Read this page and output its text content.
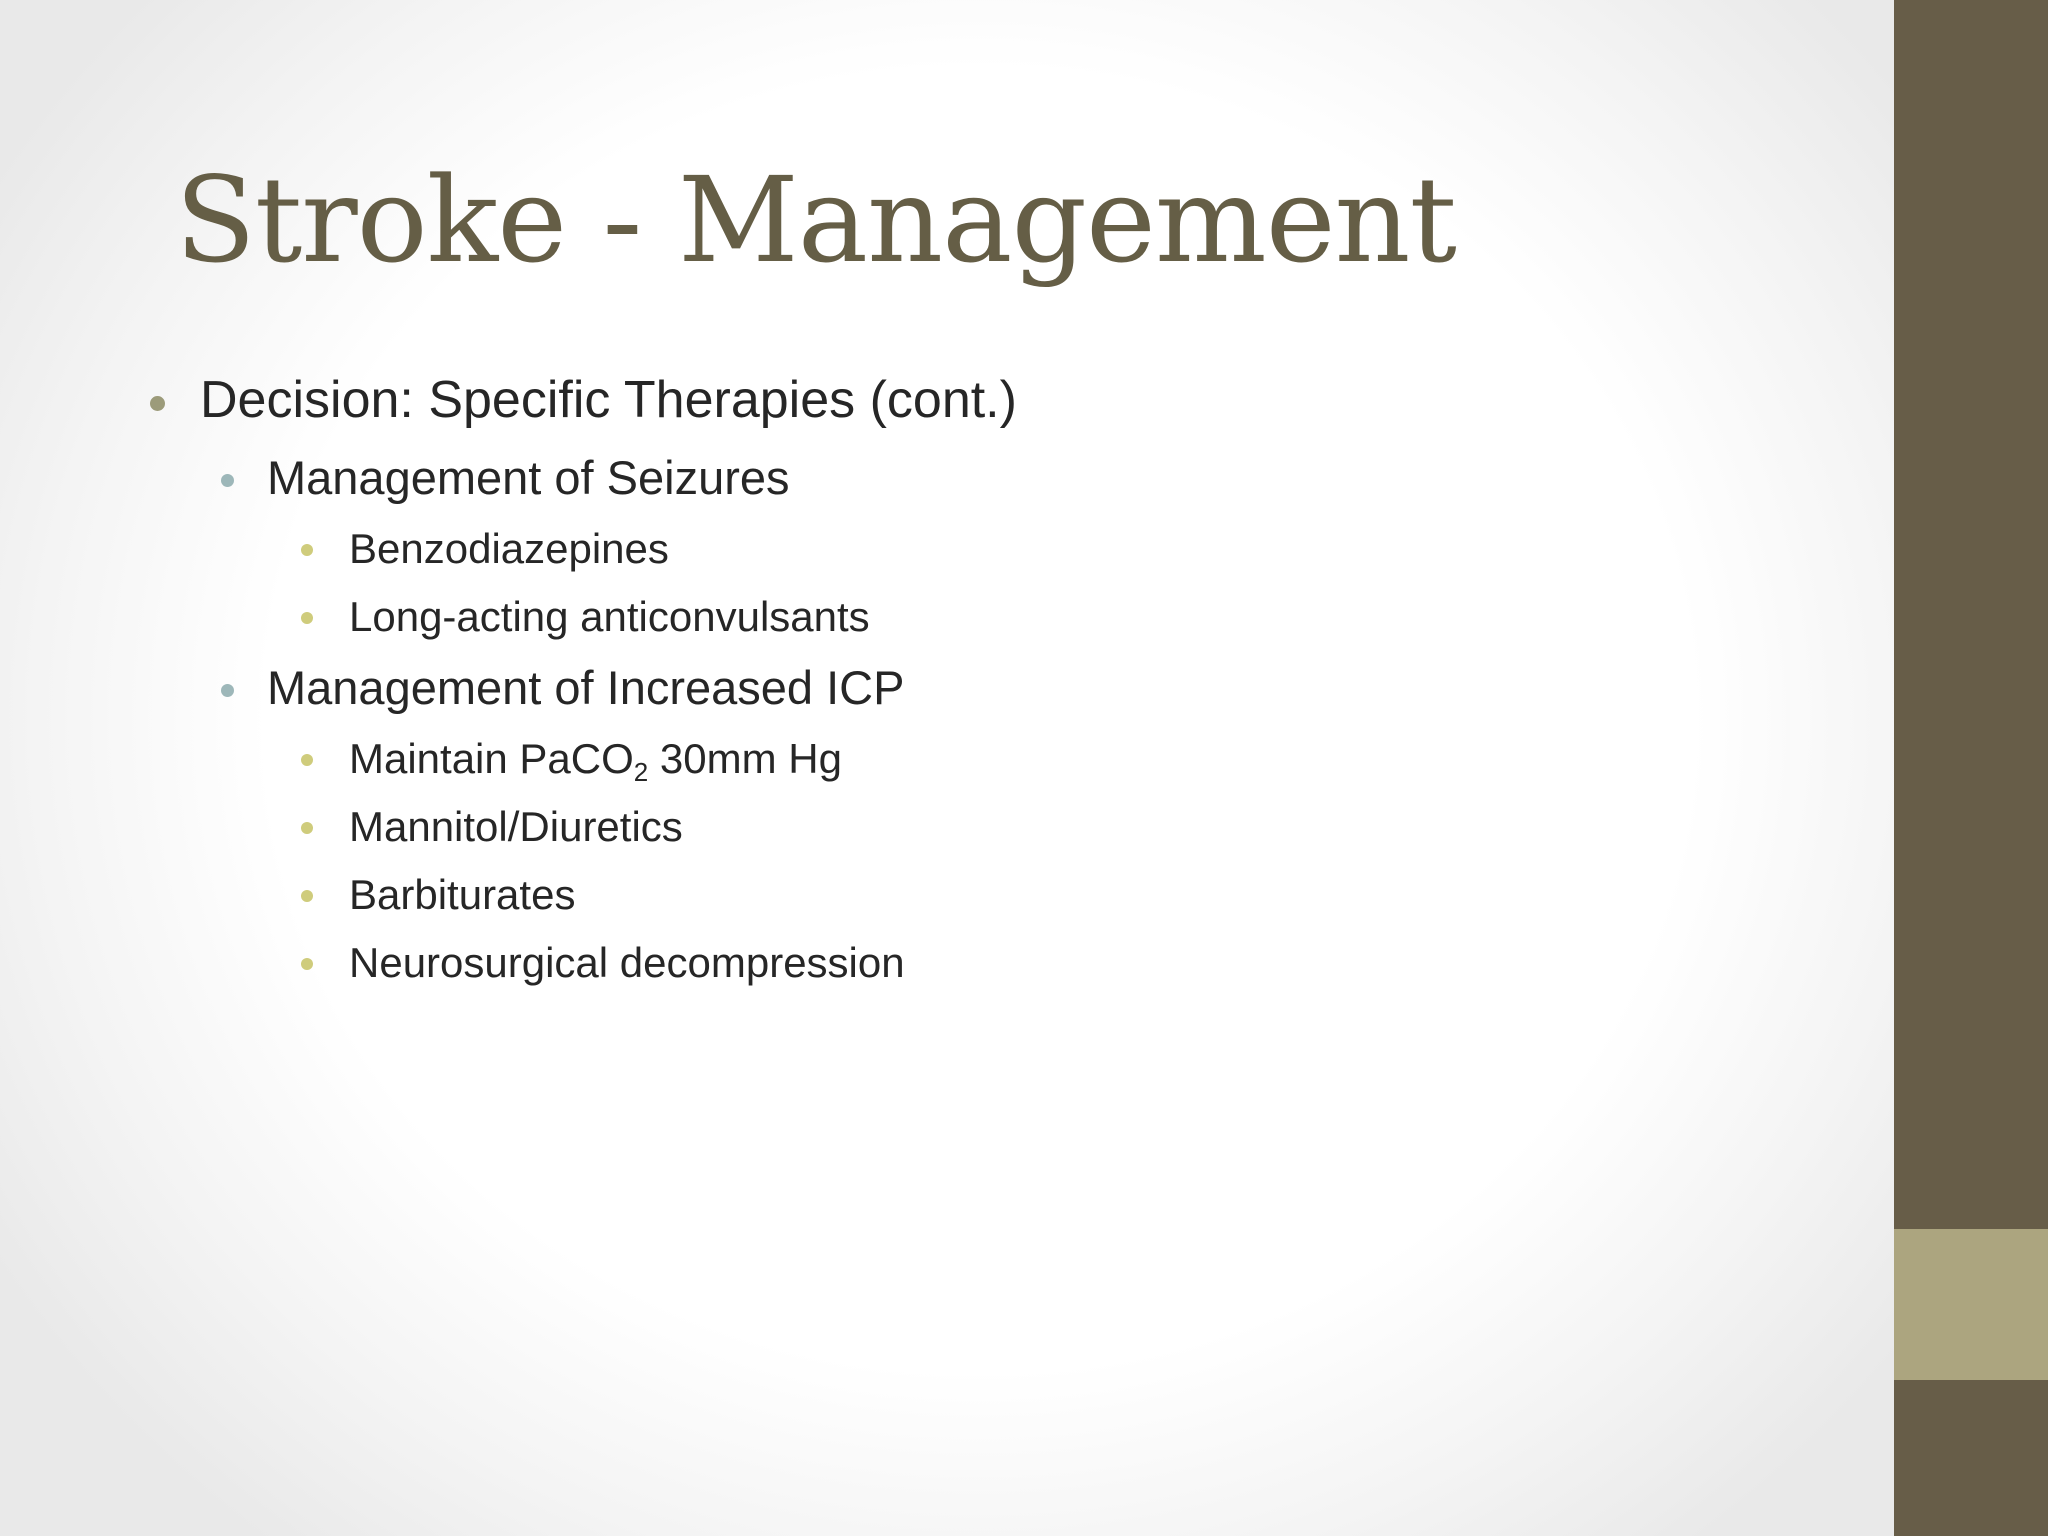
Stroke - Management
Decision: Specific Therapies (cont.)
Management of Seizures
Benzodiazepines
Long-acting anticonvulsants
Management of Increased ICP
Maintain PaCO$_2$ 30mm Hg
Mannitol/Diuretics
Barbiturates
Neurosurgical decompression
